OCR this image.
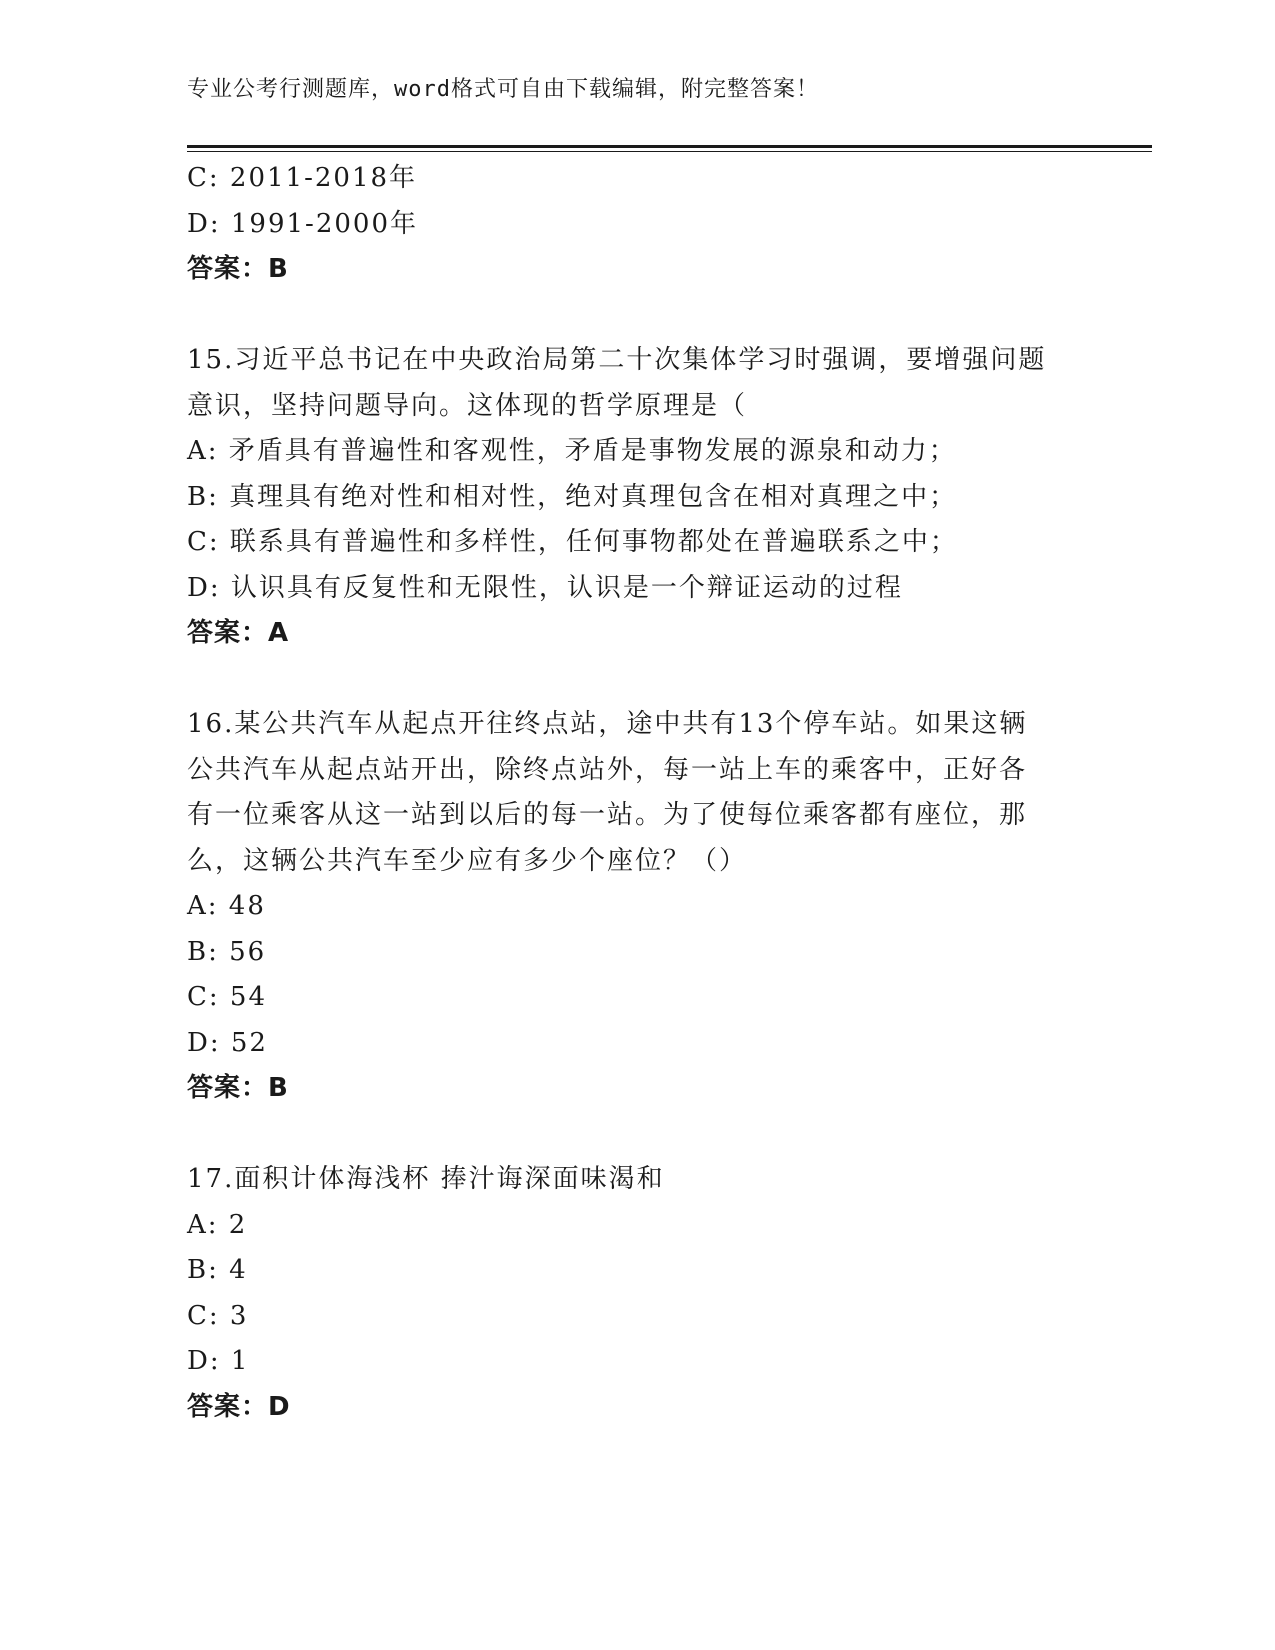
专业公考行测题库，word格式可自由下载编辑，附完整答案！
C: 2011-2018年
D: 1991-2000年
答案：B
15.习近平总书记在中央政治局第二十次集体学习时强调，要增强问题
意识，坚持问题导向。这体现的哲学原理是（
A: 矛盾具有普遍性和客观性，矛盾是事物发展的源泉和动力；
B: 真理具有绝对性和相对性，绝对真理包含在相对真理之中；
C: 联系具有普遍性和多样性，任何事物都处在普遍联系之中；
D: 认识具有反复性和无限性，认识是一个辩证运动的过程
答案：A
16.某公共汽车从起点开往终点站，途中共有13个停车站。如果这辆
公共汽车从起点站开出，除终点站外，每一站上车的乘客中，正好各
有一位乘客从这一站到以后的每一站。为了使每位乘客都有座位，那
么，这辆公共汽车至少应有多少个座位？（）
A: 48
B: 56
C: 54
D: 52
答案：B
17.面积计体海浅杯 捧汁诲深面味渴和
A: 2
B: 4
C: 3
D: 1
答案：D
